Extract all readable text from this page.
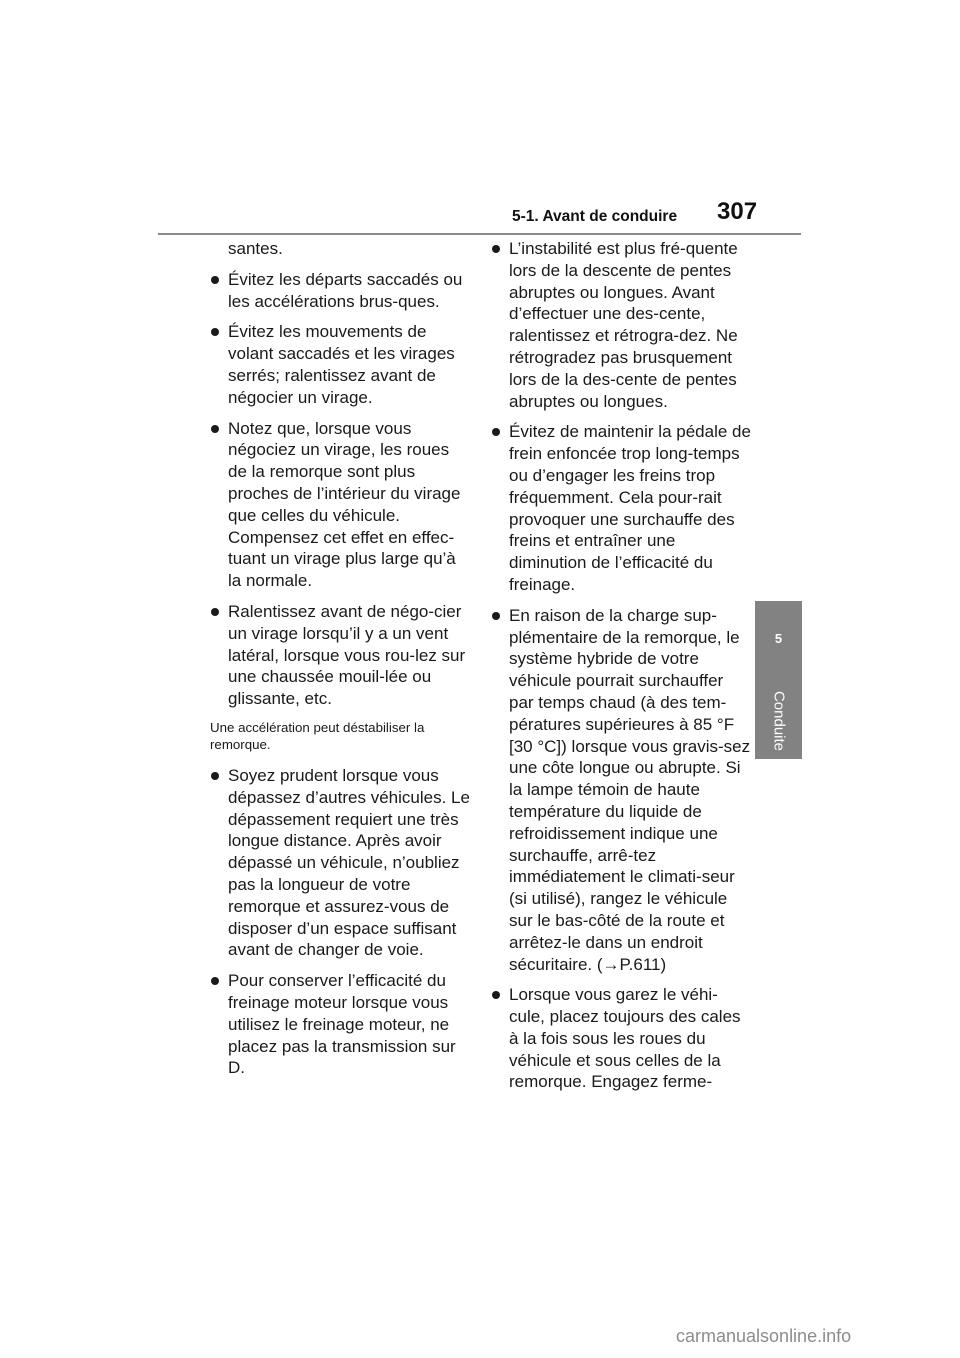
5-1. Avant de conduire 307
5
Conduite

santes.

Évitez les départs saccadés ou les accélérations brus-ques.

Évitez les mouvements de volant saccadés et les virages serrés; ralentissez avant de négocier un virage.

Notez que, lorsque vous négociez un virage, les roues de la remorque sont plus proches de l’intérieur du virage que celles du véhicule. Compensez cet effet en effec-tuant un virage plus large qu’à la normale.

Ralentissez avant de négo-cier un virage lorsqu’il y a un vent latéral, lorsque vous rou-lez sur une chaussée mouil-lée ou glissante, etc.

Une accélération peut déstabiliser la remorque.

Soyez prudent lorsque vous dépassez d’autres véhicules. Le dépassement requiert une très longue distance. Après avoir dépassé un véhicule, n’oubliez pas la longueur de votre remorque et assurez-vous de disposer d’un espace suffisant avant de changer de voie.

Pour conserver l’efficacité du freinage moteur lorsque vous utilisez le freinage moteur, ne placez pas la transmission sur D.

L’instabilité est plus fré-quente lors de la descente de pentes abruptes ou longues. Avant d’effectuer une des-cente, ralentissez et rétrogra-dez. Ne rétrogradez pas brusquement lors de la des-cente de pentes abruptes ou longues.

Évitez de maintenir la pédale de frein enfoncée trop long-temps ou d’engager les freins trop fréquemment. Cela pour-rait provoquer une surchauffe des freins et entraîner une diminution de l’efficacité du freinage.

En raison de la charge sup-plémentaire de la remorque, le système hybride de votre véhicule pourrait surchauffer par temps chaud (à des tem-pératures supérieures à 85 °F [30 °C]) lorsque vous gravis-sez une côte longue ou abrupte. Si la lampe témoin de haute température du liquide de refroidissement indique une surchauffe, arrê-tez immédiatement le climati-seur (si utilisé), rangez le véhicule sur le bas-côté de la route et arrêtez-le dans un endroit sécuritaire. (→P.611)

Lorsque vous garez le véhi-cule, placez toujours des cales à la fois sous les roues du véhicule et sous celles de la remorque. Engagez ferme-

carmanualsonline.info
